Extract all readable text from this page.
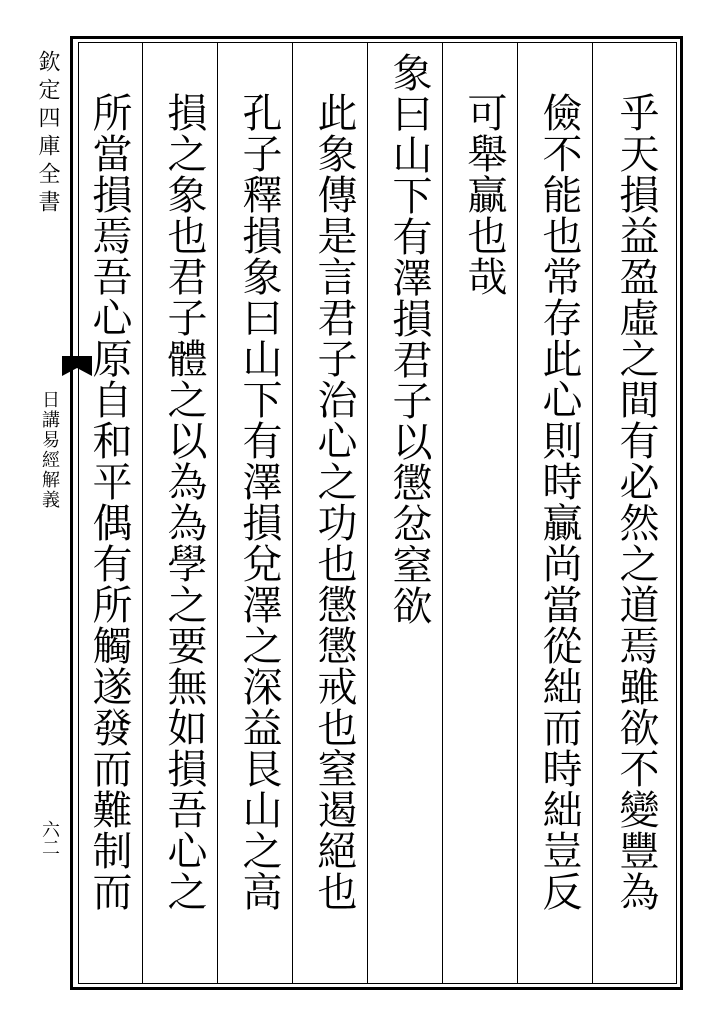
欽定四庫全書
日講易經解義
六二	乎天損益盈虛之間有必然之道焉雖欲不變豐為
儉不能也常存此心則時贏尚當從絀而時絀豈反
可舉贏也哉
象曰山下有澤損君子以懲忿窒欲
此象傳是言君子治心之功也懲懲戒也窒遏絕也
孔子釋損象曰山下有澤損兌澤之深益艮山之高
損之象也君子體之以為為學之要無如損吾心之
所當損焉吾心原自和平偶有所觸遂發而難制而
